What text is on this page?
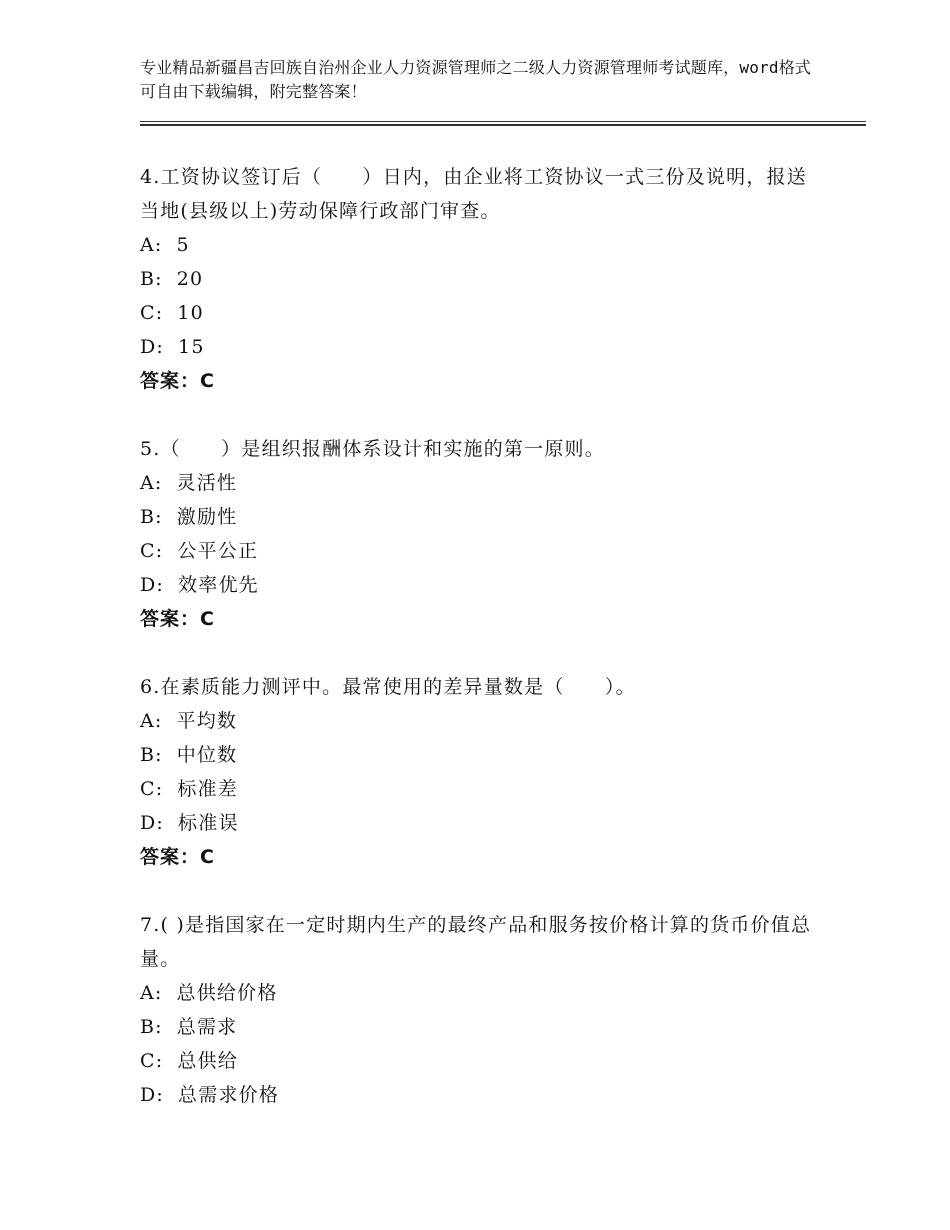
专业精品新疆昌吉回族自治州企业人力资源管理师之二级人力资源管理师考试题库，word格式可自由下载编辑，附完整答案！

4.工资协议签订后（　　）日内，由企业将工资协议一式三份及说明，报送当地(县级以上)劳动保障行政部门审查。

A: 5

B: 20

C: 10

D: 15

答案：C

5.（　　）是组织报酬体系设计和实施的第一原则。

A: 灵活性

B: 激励性

C: 公平公正

D: 效率优先

答案：C

6.在素质能力测评中。最常使用的差异量数是（　　）。

A: 平均数

B: 中位数

C: 标准差

D: 标准误

答案：C

7.( )是指国家在一定时期内生产的最终产品和服务按价格计算的货币价值总量。

A: 总供给价格

B: 总需求

C: 总供给

D: 总需求价格
